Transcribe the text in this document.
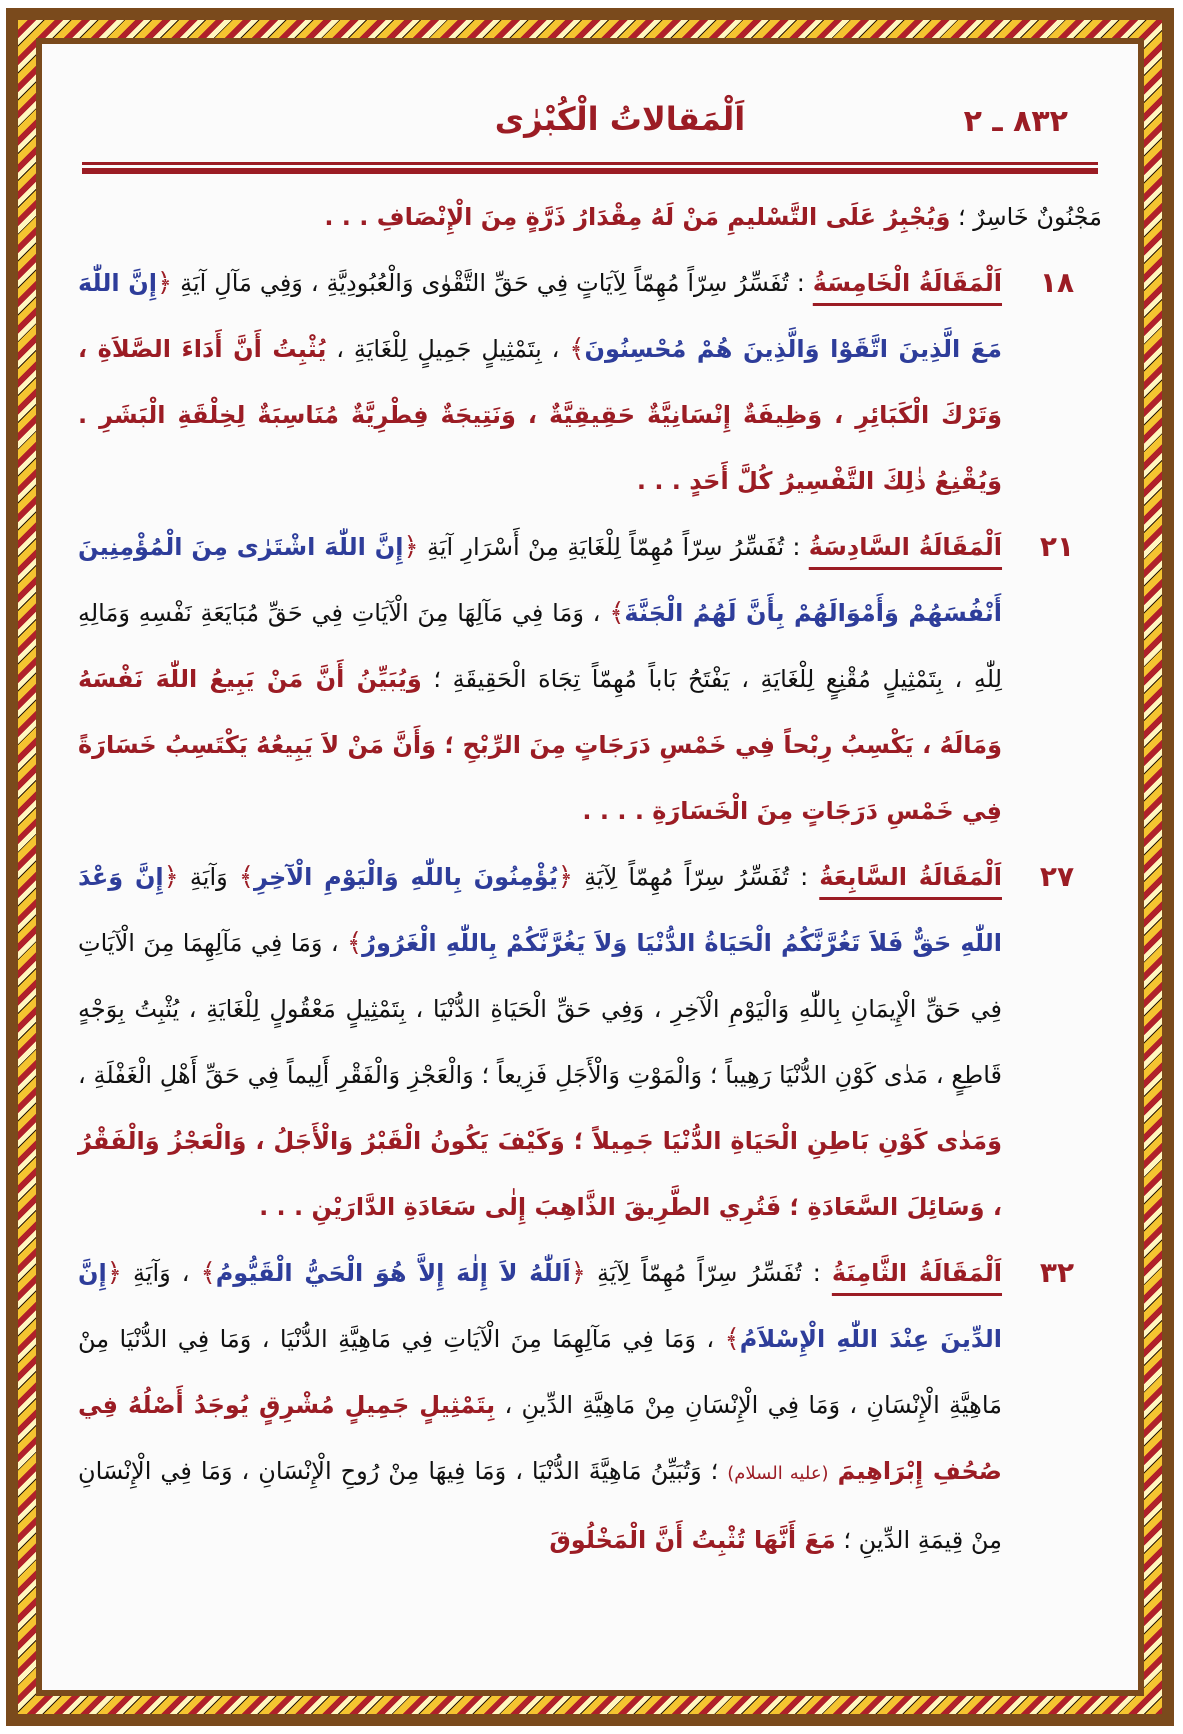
٨٣٢ ـ ٢
اَلْمَقالاتُ الْكُبْرٰى

مَجْنُونٌ خَاسِرٌ ؛ وَيُجْبِرُ عَلَى التَّسْليمِ مَنْ لَهُ مِقْدَارُ ذَرَّةٍ مِنَ الْإِنْصَافِ . . .

١٨
اَلْمَقَالَةُ الْخَامِسَةُ : تُفَسِّرُ سِرّاً مُهِمّاً لِآيَاتٍ فِي حَقِّ التَّقْوٰى وَالْعُبُودِيَّةِ ، وَفِي مَآلِ آيَةِ ﴿إِنَّ اللّٰهَ مَعَ الَّذِينَ اتَّقَوْا وَالَّذِينَ هُمْ مُحْسِنُونَ﴾ ، بِتَمْثِيلٍ جَمِيلٍ لِلْغَايَةِ ، يُثْبِتُ أَنَّ أَدَاءَ الصَّلاَةِ ، وَتَرْكَ الْكَبَائِرِ ، وَظِيفَةٌ إِنْسَانِيَّةٌ حَقِيقِيَّةٌ ، وَنَتِيجَةٌ فِطْرِيَّةٌ مُنَاسِبَةٌ لِخِلْقَةِ الْبَشَرِ . وَيُقْنِعُ ذٰلِكَ التَّفْسِيرُ كُلَّ أَحَدٍ . . .

٢١
اَلْمَقَالَةُ السَّادِسَةُ : تُفَسِّرُ سِرّاً مُهِمّاً لِلْغَايَةِ مِنْ أَسْرَارِ آيَةِ ﴿إِنَّ اللّٰهَ اشْتَرٰى مِنَ الْمُؤْمِنِينَ أَنْفُسَهُمْ وَأَمْوَالَهُمْ بِأَنَّ لَهُمُ الْجَنَّةَ﴾ ، وَمَا فِي مَآلِهَا مِنَ الْآيَاتِ فِي حَقِّ مُبَايَعَةِ نَفْسِهِ وَمَالِهِ لِلّٰهِ ، بِتَمْثِيلٍ مُقْنِعٍ لِلْغَايَةِ ، يَفْتَحُ بَاباً مُهِمّاً تِجَاهَ الْحَقِيقَةِ ؛ وَيُبَيِّنُ أَنَّ مَنْ يَبِيعُ اللّٰهَ نَفْسَهُ وَمَالَهُ ، يَكْسِبُ رِبْحاً فِي خَمْسِ دَرَجَاتٍ مِنَ الرِّبْحِ ؛ وَأَنَّ مَنْ لاَ يَبِيعُهُ يَكْتَسِبُ خَسَارَةً فِي خَمْسِ دَرَجَاتٍ مِنَ الْخَسَارَةِ . . . .

٢٧
اَلْمَقَالَةُ السَّابِعَةُ : تُفَسِّرُ سِرّاً مُهِمّاً لِآيَةِ ﴿يُؤْمِنُونَ بِاللّٰهِ وَالْيَوْمِ الْآخِرِ﴾ وَآيَةِ ﴿إِنَّ وَعْدَ اللّٰهِ حَقٌّ فَلاَ تَغُرَّنَّكُمُ الْحَيَاةُ الدُّنْيَا وَلاَ يَغُرَّنَّكُمْ بِاللّٰهِ الْغَرُورُ﴾ ، وَمَا فِي مَآلِهِمَا مِنَ الْآيَاتِ فِي حَقِّ الْإِيمَانِ بِاللّٰهِ وَالْيَوْمِ الْآخِرِ ، وَفِي حَقِّ الْحَيَاةِ الدُّنْيَا ، بِتَمْثِيلٍ مَعْقُولٍ لِلْغَايَةِ ، يُثْبِتُ بِوَجْهٍ قَاطِعٍ ، مَدٰى كَوْنِ الدُّنْيَا رَهِيباً ؛ وَالْمَوْتِ وَالْأَجَلِ فَزِيعاً ؛ وَالْعَجْزِ وَالْفَقْرِ أَلِيماً فِي حَقِّ أَهْلِ الْغَفْلَةِ ، وَمَدٰى كَوْنِ بَاطِنِ الْحَيَاةِ الدُّنْيَا جَمِيلاً ؛ وَكَيْفَ يَكُونُ الْقَبْرُ وَالْأَجَلُ ، وَالْعَجْزُ وَالْفَقْرُ ، وَسَائِلَ السَّعَادَةِ ؛ فَتُرِي الطَّرِيقَ الذَّاهِبَ إِلٰى سَعَادَةِ الدَّارَيْنِ . . .

٣٢
اَلْمَقَالَةُ الثَّامِنَةُ : تُفَسِّرُ سِرّاً مُهِمّاً لِآيَةِ ﴿اَللّٰهُ لاَ إِلٰهَ إِلاَّ هُوَ الْحَيُّ الْقَيُّومُ﴾ ، وَآيَةِ ﴿إِنَّ الدِّينَ عِنْدَ اللّٰهِ الْإِسْلاَمُ﴾ ، وَمَا فِي مَآلِهِمَا مِنَ الْآيَاتِ فِي مَاهِيَّةِ الدُّنْيَا ، وَمَا فِي الدُّنْيَا مِنْ مَاهِيَّةِ الْإِنْسَانِ ، وَمَا فِي الْإِنْسَانِ مِنْ مَاهِيَّةِ الدِّينِ ، بِتَمْثِيلٍ جَمِيلٍ مُشْرِقٍ يُوجَدُ أَصْلُهُ فِي صُحُفِ إِبْرَاهِيمَ (عليه السلام) ؛ وَتُبَيِّنُ مَاهِيَّةَ الدُّنْيَا ، وَمَا فِيهَا مِنْ رُوحِ الْإِنْسَانِ ، وَمَا فِي الْإِنْسَانِ مِنْ قِيمَةِ الدِّينِ ؛ مَعَ أَنَّهَا تُثْبِتُ أَنَّ الْمَخْلُوقَ
